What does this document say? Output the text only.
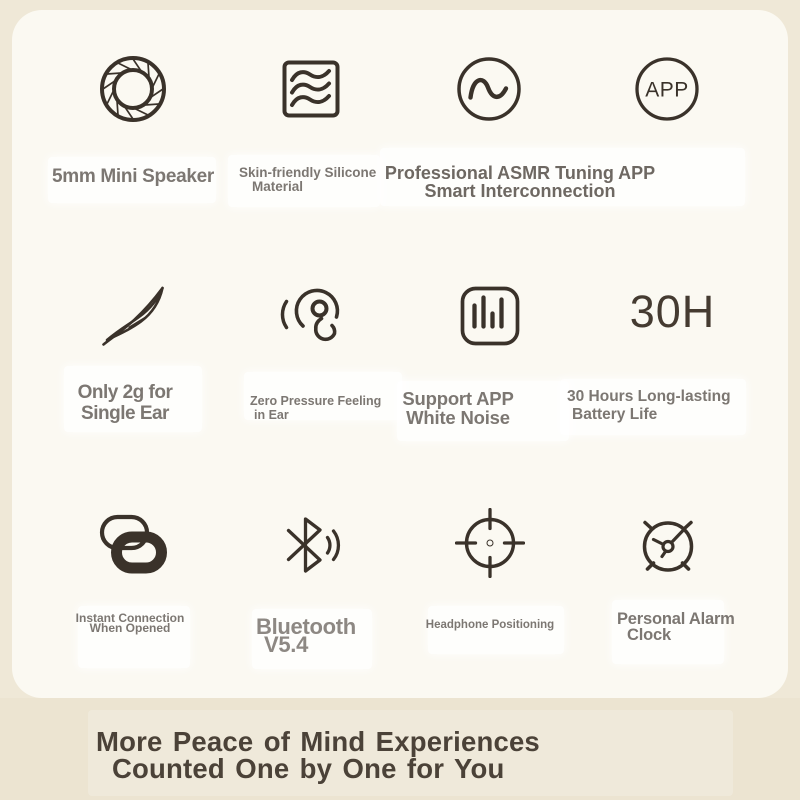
APP
5mm Mini Speaker	Skin-friendly Silicone
Material
Professional ASMR Tuning APP
Smart Interconnection
30H
Only 2g for
Single Ear
Zero Pressure Feeling
in Ear
Support APP
White Noise
30 Hours Long-lasting
Battery Life
Instant Connection
When Opened	Bluetooth
V5.4
Headphone Positioning	Personal Alarm
Clock
More Peace of Mind Experiences
Counted One by One for You
